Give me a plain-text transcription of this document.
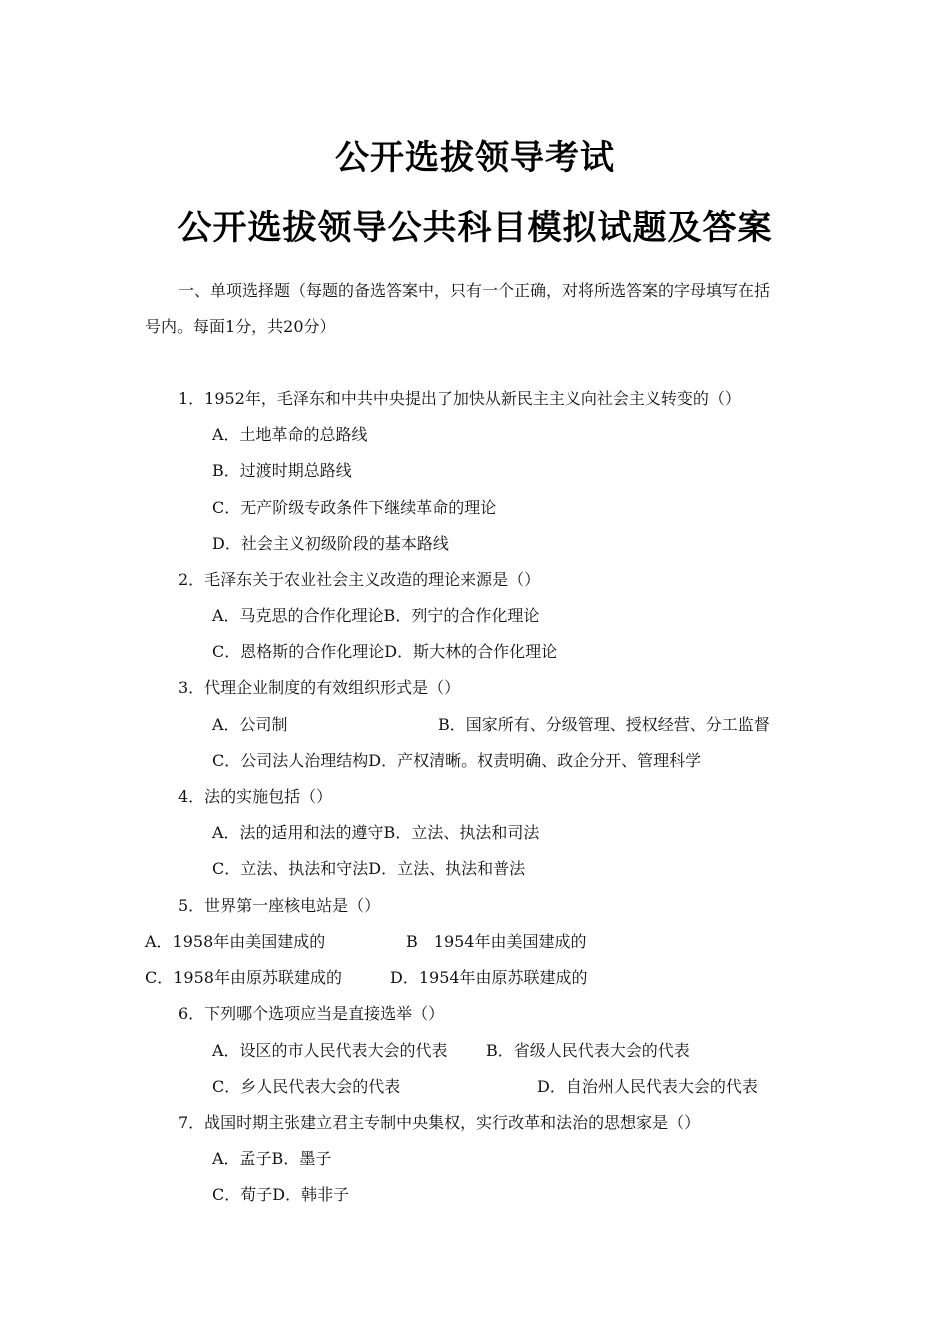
公开选拔领导考试
公开选拔领导公共科目模拟试题及答案
一、单项选择题（每题的备选答案中，只有一个正确，对将所选答案的字母填写在括
号内。每面1分，共20分）
1．1952年，毛泽东和中共中央提出了加快从新民主主义向社会主义转变的（）
A．土地革命的总路线
B．过渡时期总路线
C．无产阶级专政条件下继续革命的理论
D．社会主义初级阶段的基本路线
2．毛泽东关于农业社会主义改造的理论来源是（）
A．马克思的合作化理论B．列宁的合作化理论
C．恩格斯的合作化理论D．斯大林的合作化理论
3．代理企业制度的有效组织形式是（）
A．公司制	B．国家所有、分级管理、授权经营、分工监督
C．公司法人治理结构D．产权清晰。权责明确、政企分开、管理科学
4．法的实施包括（）
A．法的适用和法的遵守B．立法、执法和司法
C．立法、执法和守法D．立法、执法和普法
5．世界第一座核电站是（）
A．1958年由美国建成的	B　1954年由美国建成的
C．1958年由原苏联建成的	D．1954年由原苏联建成的
6．下列哪个选项应当是直接选举（）
A．设区的市人民代表大会的代表 B．省级人民代表大会的代表
C．乡人民代表大会的代表	D．自治州人民代表大会的代表
7．战国时期主张建立君主专制中央集权，实行改革和法治的思想家是（）
A．孟子B．墨子
C．荀子D．韩非子
